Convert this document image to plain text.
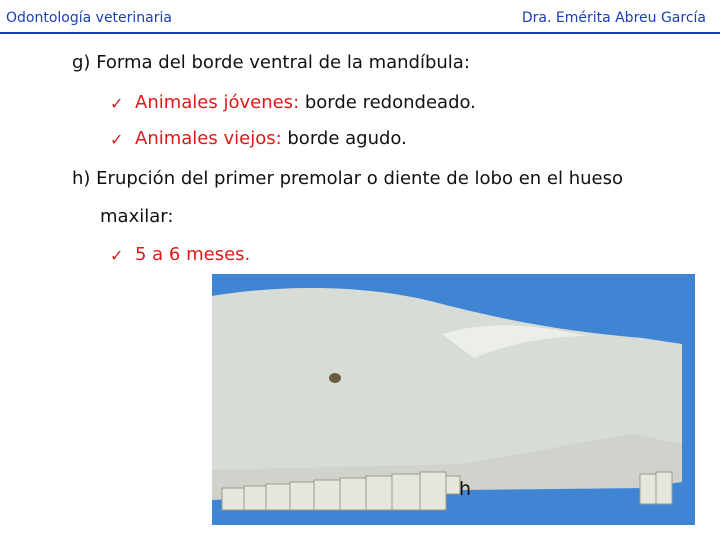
Odontología veterinaria	Dra. Emérita Abreu García
g) Forma del borde ventral de la mandíbula:
✓ Animales jóvenes: borde redondeado.
✓ Animales viejos: borde agudo.
h) Erupción del primer premolar o diente de lobo en el hueso
maxilar:
✓ 5 a 6 meses.
h
